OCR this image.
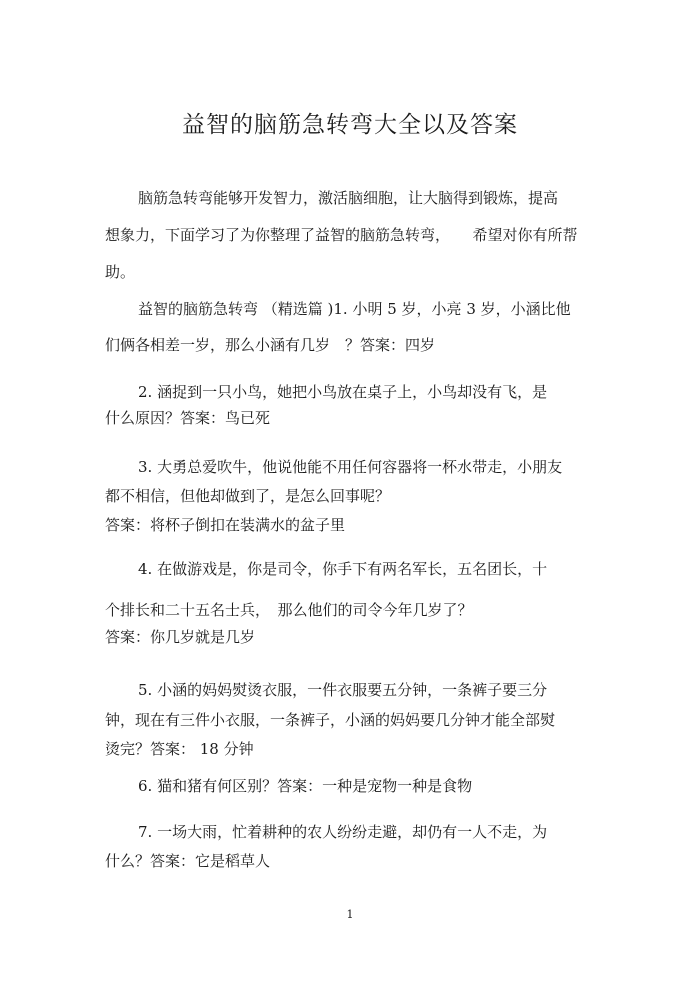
益智的脑筋急转弯大全以及答案
脑筋急转弯能够开发智力，激活脑细胞，让大脑得到锻炼，提高
想象力，下面学习了为你整理了益智的脑筋急转弯，　　希望对你有所帮
助。
益智的脑筋急转弯 （精选篇 )1. 小明 5 岁，小亮 3 岁，小涵比他
们俩各相差一岁，那么小涵有几岁　？答案：四岁
2. 涵捉到一只小鸟，她把小鸟放在桌子上，小鸟却没有飞，是
什么原因？答案：鸟已死
3. 大勇总爱吹牛，他说他能不用任何容器将一杯水带走，小朋友
都不相信，但他却做到了，是怎么回事呢？
答案：将杯子倒扣在装满水的盆子里
4. 在做游戏是，你是司令，你手下有两名军长，五名团长，十
个排长和二十五名士兵，　那么他们的司令今年几岁了？
答案：你几岁就是几岁
5. 小涵的妈妈熨烫衣服，一件衣服要五分钟，一条裤子要三分
钟，现在有三件小衣服，一条裤子，小涵的妈妈要几分钟才能全部熨
烫完？答案： 18 分钟
6. 猫和猪有何区别？答案：一种是宠物一种是食物
7. 一场大雨，忙着耕种的农人纷纷走避，却仍有一人不走，为
什么？答案：它是稻草人
1
